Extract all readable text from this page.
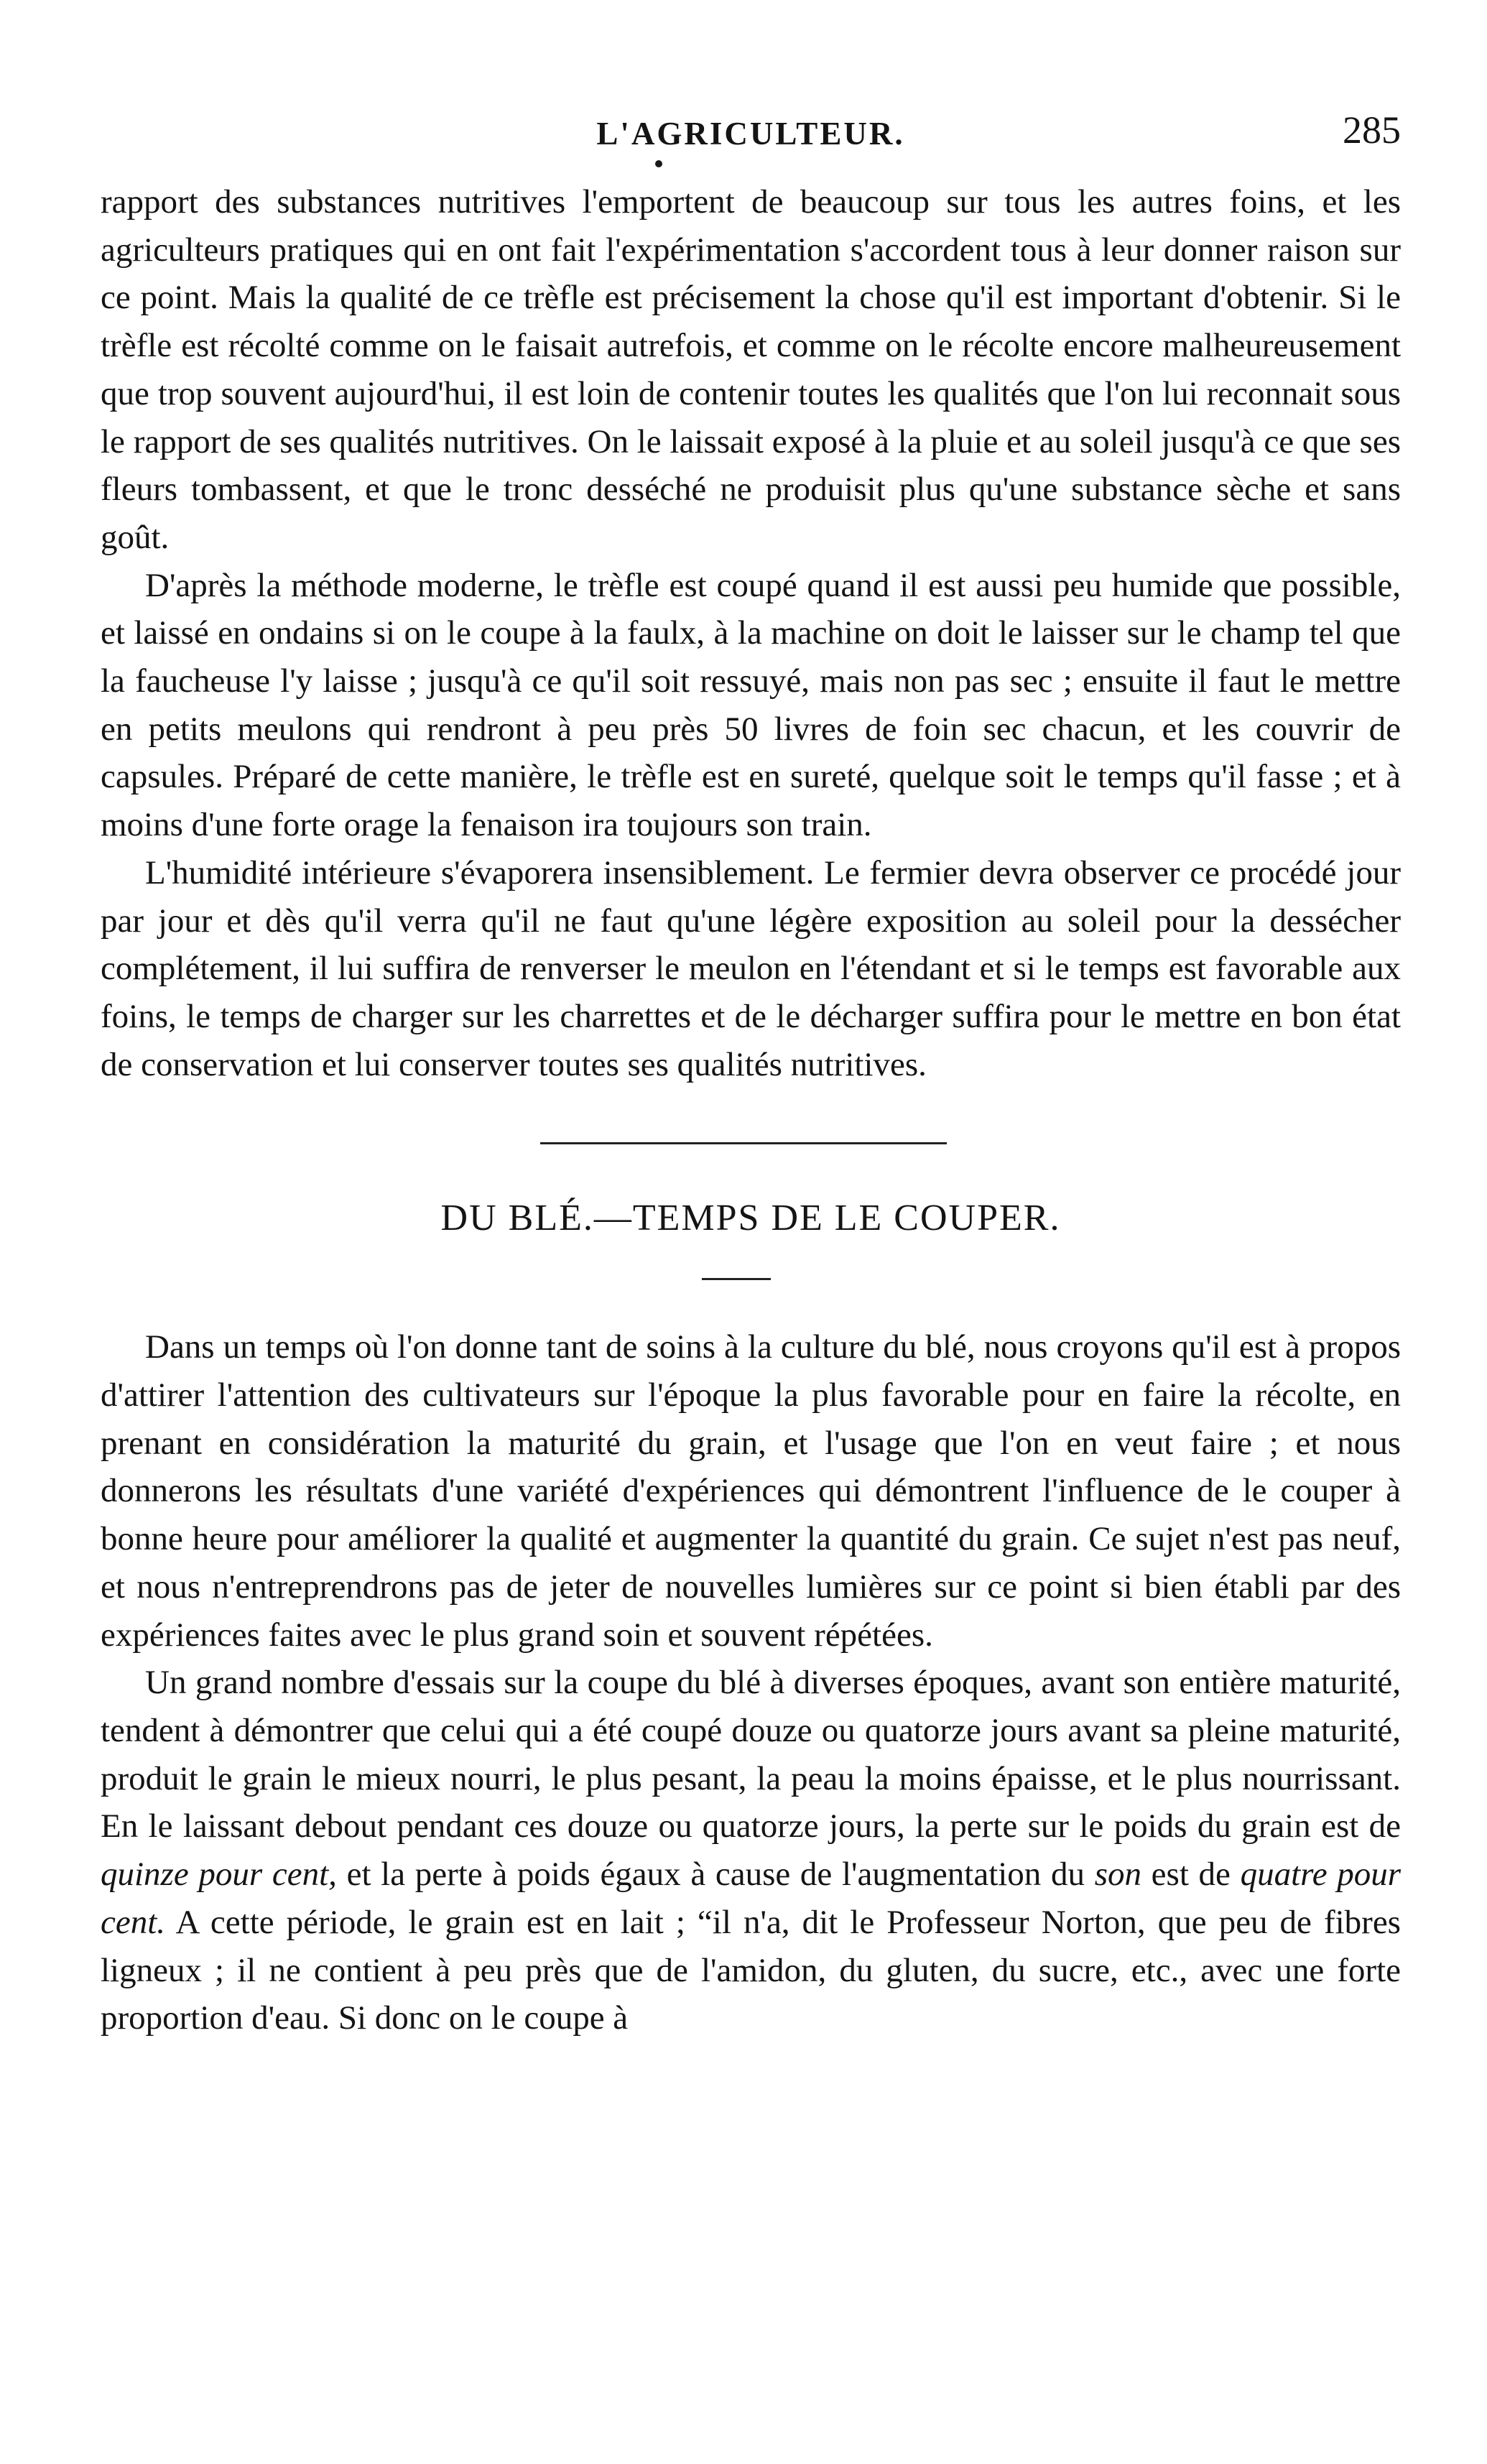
L'AGRICULTEUR.	285

rapport des substances nutritives l'emportent de beaucoup sur tous les autres foins, et les agriculteurs pratiques qui en ont fait l'expérimentation s'accordent tous à leur donner raison sur ce point. Mais la qualité de ce trèfle est précisement la chose qu'il est important d'obtenir. Si le trèfle est récolté comme on le faisait autrefois, et comme on le récolte encore malheureusement que trop souvent aujourd'hui, il est loin de contenir toutes les qualités que l'on lui reconnait sous le rapport de ses qualités nutritives. On le laissait exposé à la pluie et au soleil jusqu'à ce que ses fleurs tombassent, et que le tronc desséché ne produisit plus qu'une substance sèche et sans goût.

D'après la méthode moderne, le trèfle est coupé quand il est aussi peu humide que possible, et laissé en ondains si on le coupe à la faulx, à la machine on doit le laisser sur le champ tel que la faucheuse l'y laisse ; jusqu'à ce qu'il soit ressuyé, mais non pas sec ; ensuite il faut le mettre en petits meulons qui rendront à peu près 50 livres de foin sec chacun, et les couvrir de capsules. Préparé de cette manière, le trèfle est en sureté, quelque soit le temps qu'il fasse ; et à moins d'une forte orage la fenaison ira toujours son train.

L'humidité intérieure s'évaporera insensiblement. Le fermier devra observer ce procédé jour par jour et dès qu'il verra qu'il ne faut qu'une légère exposition au soleil pour la dessécher complétement, il lui suffira de renverser le meulon en l'étendant et si le temps est favorable aux foins, le temps de charger sur les charrettes et de le décharger suffira pour le mettre en bon état de conservation et lui conserver toutes ses qualités nutritives.

DU BLÉ.—TEMPS DE LE COUPER.

Dans un temps où l'on donne tant de soins à la culture du blé, nous croyons qu'il est à propos d'attirer l'attention des cultivateurs sur l'époque la plus favorable pour en faire la récolte, en prenant en considération la maturité du grain, et l'usage que l'on en veut faire ; et nous donnerons les résultats d'une variété d'expériences qui démontrent l'influence de le couper à bonne heure pour améliorer la qualité et augmenter la quantité du grain. Ce sujet n'est pas neuf, et nous n'entreprendrons pas de jeter de nouvelles lumières sur ce point si bien établi par des expériences faites avec le plus grand soin et souvent répétées.

Un grand nombre d'essais sur la coupe du blé à diverses époques, avant son entière maturité, tendent à démontrer que celui qui a été coupé douze ou quatorze jours avant sa pleine maturité, produit le grain le mieux nourri, le plus pesant, la peau la moins épaisse, et le plus nourrissant. En le laissant debout pendant ces douze ou quatorze jours, la perte sur le poids du grain est de quinze pour cent, et la perte à poids égaux à cause de l'augmentation du son est de quatre pour cent. A cette période, le grain est en lait ; “il n'a, dit le Professeur Norton, que peu de fibres ligneux ; il ne contient à peu près que de l'amidon, du gluten, du sucre, etc., avec une forte proportion d'eau. Si donc on le coupe à
